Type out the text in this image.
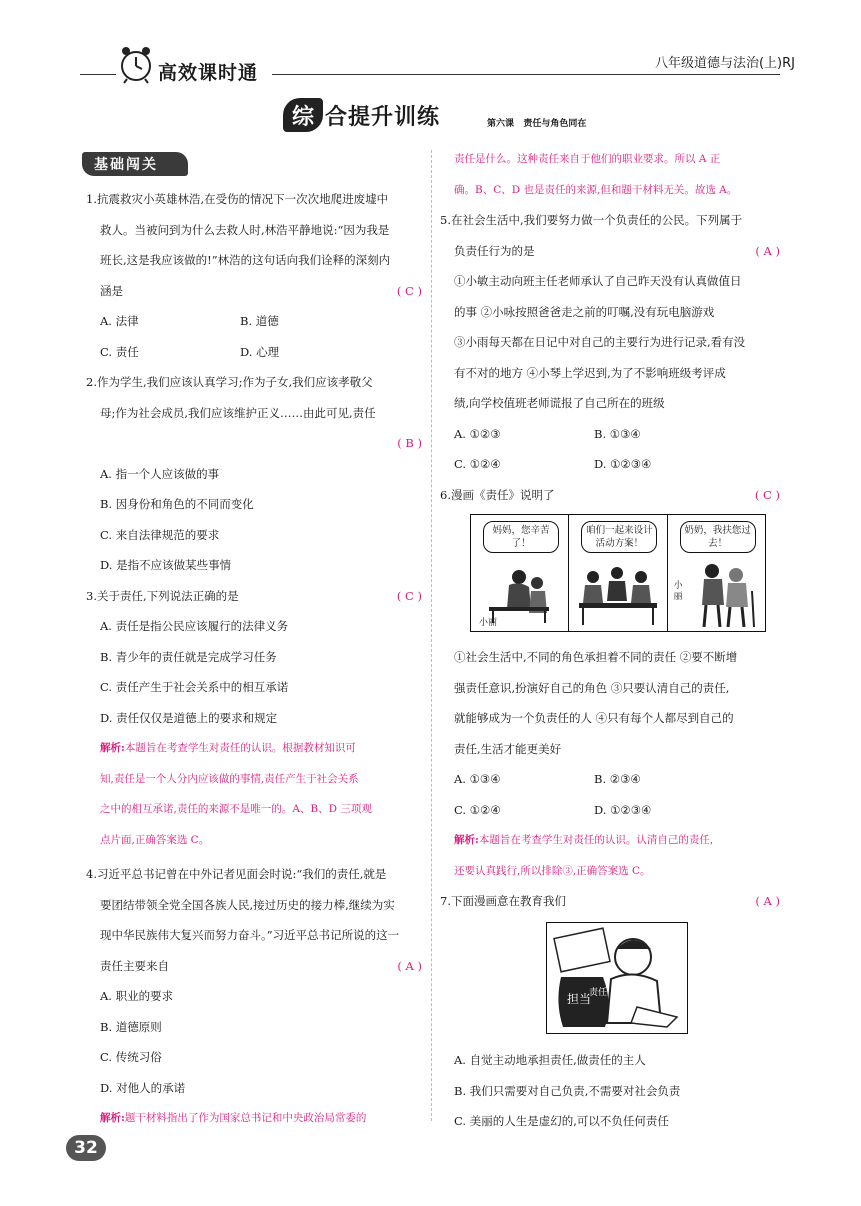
高效课时通	八年级道德与法治(上)RJ
综 合提升训练	第六课 责任与角色同在
基础闯关

1.抗震救灾小英雄林浩,在受伤的情况下一次次地爬进废墟中

救人。当被问到为什么去救人时,林浩平静地说:“因为我是

班长,这是我应该做的!”林浩的这句话向我们诠释的深刻内

涵是	( C )

A. 法律	B. 道德
C. 责任	D. 心理

2.作为学生,我们应该认真学习;作为子女,我们应该孝敬父

母;作为社会成员,我们应该维护正义……由此可见,责任

( B )

A. 指一个人应该做的事

B. 因身份和角色的不同而变化

C. 来自法律规范的要求

D. 是指不应该做某些事情

3.关于责任,下列说法正确的是	( C )

A. 责任是指公民应该履行的法律义务

B. 青少年的责任就是完成学习任务

C. 责任产生于社会关系中的相互承诺

D. 责任仅仅是道德上的要求和规定

解析:本题旨在考查学生对责任的认识。根据教材知识可

知,责任是一个人分内应该做的事情,责任产生于社会关系

之中的相互承诺,责任的来源不是唯一的。A、B、D 三项观

点片面,正确答案选 C。

4.习近平总书记曾在中外记者见面会时说:“我们的责任,就是

要团结带领全党全国各族人民,接过历史的接力棒,继续为实

现中华民族伟大复兴而努力奋斗。”习近平总书记所说的这一

责任主要来自	( A )

A. 职业的要求

B. 道德原则

C. 传统习俗

D. 对他人的承诺

解析:题干材料指出了作为国家总书记和中央政治局常委的

责任是什么。这种责任来自于他们的职业要求。所以 A 正

确。B、C、D 也是责任的来源,但和题干材料无关。故选 A。

5.在社会生活中,我们要努力做一个负责任的公民。下列属于

负责任行为的是	( A )

①小敏主动向班主任老师承认了自己昨天没有认真做值日

的事 ②小咏按照爸爸走之前的叮嘱,没有玩电脑游戏

③小雨每天都在日记中对自己的主要行为进行记录,看有没

有不对的地方 ④小琴上学迟到,为了不影响班级考评成

绩,向学校值班老师谎报了自己所在的班级

A. ①②③	B. ①③④
C. ①②④	D. ①②③④

6.漫画《责任》说明了	( C )

妈妈，您辛苦了！
小丽
咱们一起来设计活动方案！
奶奶，我扶您过去！
小丽

①社会生活中,不同的角色承担着不同的责任 ②要不断增

强责任意识,扮演好自己的角色 ③只要认清自己的责任,

就能够成为一个负责任的人 ④只有每个人都尽到自己的

责任,生活才能更美好

A. ①③④	B. ②③④
C. ①②④	D. ①②③④

解析:本题旨在考查学生对责任的认识。认清自己的责任,

还要认真践行,所以排除③,正确答案选 C。

7.下面漫画意在教育我们	( A )

担当
责任

A. 自觉主动地承担责任,做责任的主人

B. 我们只需要对自己负责,不需要对社会负责

C. 美丽的人生是虚幻的,可以不负任何责任

32
